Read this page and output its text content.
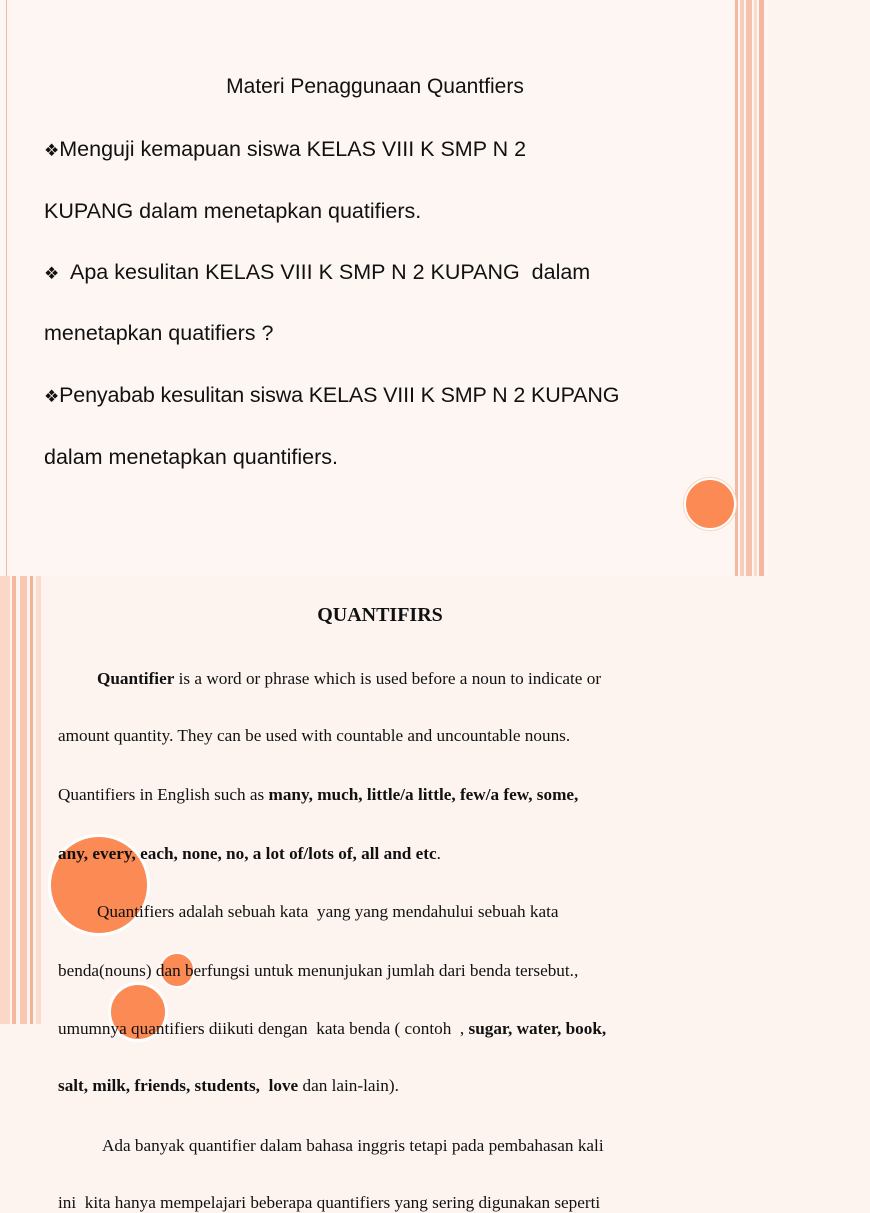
Materi Penaggunaan Quantfiers
❖Menguji kemapuan siswa KELAS VIII K SMP N 2
KUPANG dalam menetapkan quatifiers.
❖  Apa kesulitan KELAS VIII K SMP N 2 KUPANG  dalam
menetapkan quatifiers ?
❖Penyabab kesulitan siswa KELAS VIII K SMP N 2 KUPANG
dalam menetapkan quantifiers.
QUANTIFIRS
Quantifier is a word or phrase which is used before a noun to indicate or
amount quantity. They can be used with countable and uncountable nouns.
Quantifiers in English such as many, much, little/a little, few/a few, some,
any, every, each, none, no, a lot of/lots of, all and etc.
Quantifiers adalah sebuah kata  yang yang mendahului sebuah kata
benda(nouns) dan berfungsi untuk menunjukan jumlah dari benda tersebut.,
umumnya quantifiers diikuti dengan  kata benda ( contoh  , sugar, water, book,
salt, milk, friends, students, love dan lain-lain).
Ada banyak quantifier dalam bahasa inggris tetapi pada pembahasan kali
ini  kita hanya mempelajari beberapa quantifiers yang sering digunakan seperti
